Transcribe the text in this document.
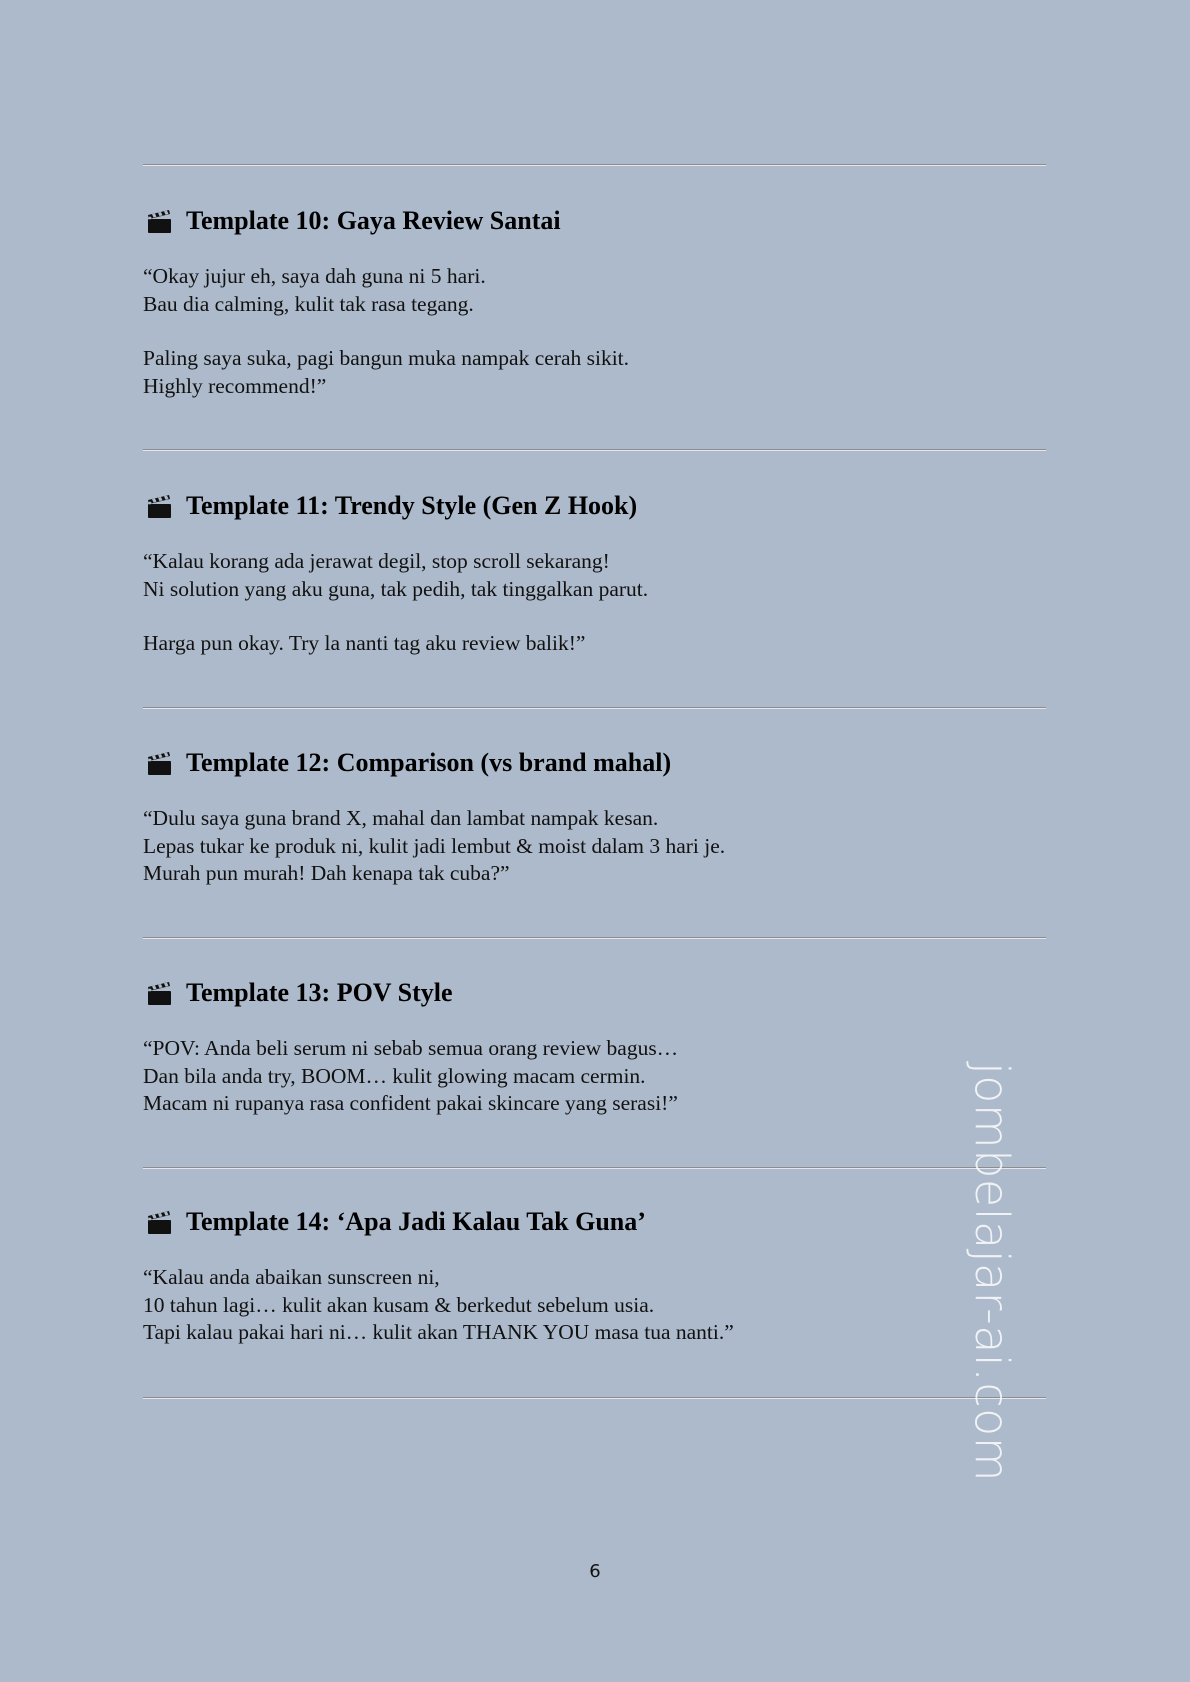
Template 10: Gaya Review Santai

“Okay jujur eh, saya dah guna ni 5 hari.
Bau dia calming, kulit tak rasa tegang.

Paling saya suka, pagi bangun muka nampak cerah sikit.
Highly recommend!”

Template 11: Trendy Style (Gen Z Hook)

“Kalau korang ada jerawat degil, stop scroll sekarang!
Ni solution yang aku guna, tak pedih, tak tinggalkan parut.

Harga pun okay. Try la nanti tag aku review balik!”

Template 12: Comparison (vs brand mahal)

“Dulu saya guna brand X, mahal dan lambat nampak kesan.
Lepas tukar ke produk ni, kulit jadi lembut & moist dalam 3 hari je.
Murah pun murah! Dah kenapa tak cuba?”

Template 13: POV Style

“POV: Anda beli serum ni sebab semua orang review bagus…
Dan bila anda try, BOOM… kulit glowing macam cermin.
Macam ni rupanya rasa confident pakai skincare yang serasi!”

Template 14: ‘Apa Jadi Kalau Tak Guna’

“Kalau anda abaikan sunscreen ni,
10 tahun lagi… kulit akan kusam & berkedut sebelum usia.
Tapi kalau pakai hari ni… kulit akan THANK YOU masa tua nanti.”	jombelajar-ai.com
6
